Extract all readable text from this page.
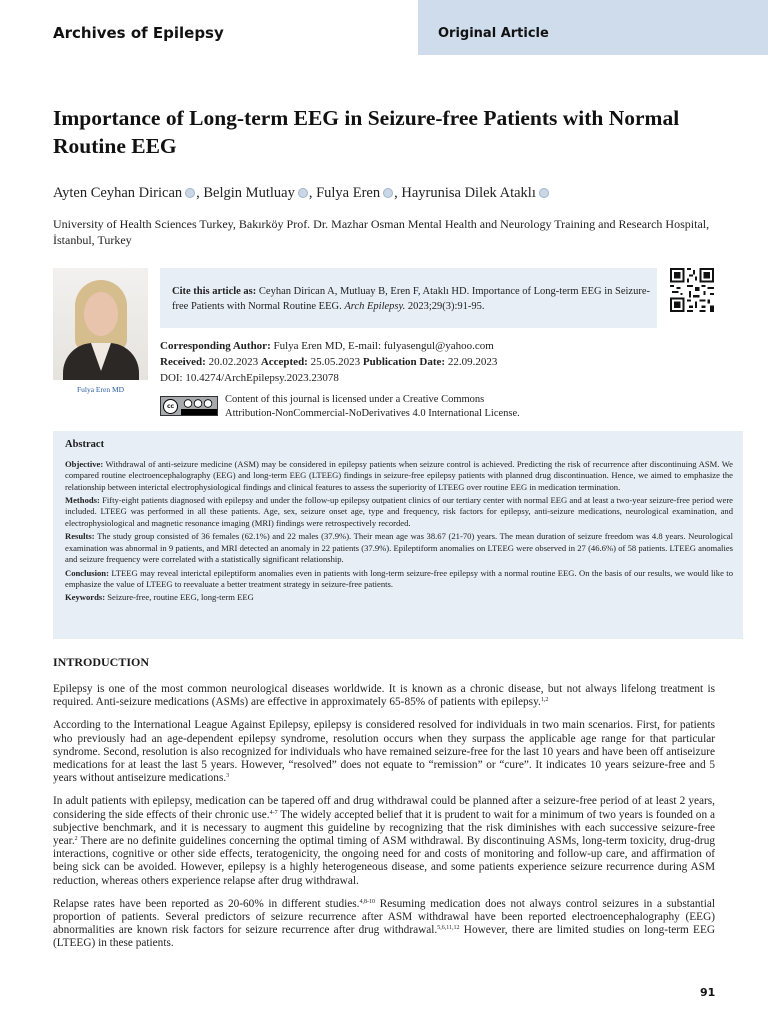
Archives of Epilepsy	Original Article
Importance of Long-term EEG in Seizure-free Patients with Normal Routine EEG
Ayten Ceyhan Dirican , Belgin Mutluay , Fulya Eren , Hayrunisa Dilek Ataklı
University of Health Sciences Turkey, Bakırköy Prof. Dr. Mazhar Osman Mental Health and Neurology Training and Research Hospital, İstanbul, Turkey
Fulya Eren MD
Cite this article as: Ceyhan Dirican A, Mutluay B, Eren F, Ataklı HD. Importance of Long-term EEG in Seizure-free Patients with Normal Routine EEG. Arch Epilepsy. 2023;29(3):91-95.
Corresponding Author: Fulya Eren MD, E-mail: fulyasengul@yahoo.com
Received: 20.02.2023 Accepted: 25.05.2023 Publication Date: 22.09.2023
DOI: 10.4274/ArchEpilepsy.2023.23078
cc
Content of this journal is licensed under a Creative Commons
Attribution-NonCommercial-NoDerivatives 4.0 International License.
Abstract

Objective: Withdrawal of anti-seizure medicine (ASM) may be considered in epilepsy patients when seizure control is achieved. Predicting the risk of recurrence after discontinuing ASM. We compared routine electroencephalography (EEG) and long-term EEG (LTEEG) findings in seizure-free epilepsy patients with planned drug discontinuation. Hence, we aimed to emphasize the relationship between interictal electrophysiological findings and clinical features to assess the superiority of LTEEG over routine EEG in medication termination.

Methods: Fifty-eight patients diagnosed with epilepsy and under the follow-up epilepsy outpatient clinics of our tertiary center with normal EEG and at least a two-year seizure-free period were included. LTEEG was performed in all these patients. Age, sex, seizure onset age, type and frequency, risk factors for epilepsy, anti-seizure medications, neurological examination, and electrophysiological and magnetic resonance imaging (MRI) findings were retrospectively recorded.

Results: The study group consisted of 36 females (62.1%) and 22 males (37.9%). Their mean age was 38.67 (21-70) years. The mean duration of seizure freedom was 4.8 years. Neurological examination was abnormal in 9 patients, and MRI detected an anomaly in 22 patients (37.9%). Epileptiform anomalies on LTEEG were observed in 27 (46.6%) of 58 patients. LTEEG anomalies and seizure frequency were correlated with a statistically significant relationship.

Conclusion: LTEEG may reveal interictal epileptiform anomalies even in patients with long-term seizure-free epilepsy with a normal routine EEG. On the basis of our results, we would like to emphasize the value of LTEEG to reevaluate a better treatment strategy in seizure-free patients.

Keywords: Seizure-free, routine EEG, long-term EEG

INTRODUCTION

Epilepsy is one of the most common neurological diseases worldwide. It is known as a chronic disease, but not always lifelong treatment is required. Anti-seizure medications (ASMs) are effective in approximately 65-85% of patients with epilepsy.$^{1,2}$

According to the International League Against Epilepsy, epilepsy is considered resolved for individuals in two main scenarios. First, for patients who previously had an age-dependent epilepsy syndrome, resolution occurs when they surpass the applicable age range for that particular syndrome. Second, resolution is also recognized for individuals who have remained seizure-free for the last 10 years and have been off antiseizure medications for at least the last 5 years. However, “resolved” does not equate to “remission” or “cure”. It indicates 10 years seizure-free and 5 years without antiseizure medications.$^3$

In adult patients with epilepsy, medication can be tapered off and drug withdrawal could be planned after a seizure-free period of at least 2 years, considering the side effects of their chronic use.$^{4-7}$ The widely accepted belief that it is prudent to wait for a minimum of two years is founded on a subjective benchmark, and it is necessary to augment this guideline by recognizing that the risk diminishes with each successive seizure-free year.$^2$ There are no definite guidelines concerning the optimal timing of ASM withdrawal. By discontinuing ASMs, long-term toxicity, drug-drug interactions, cognitive or other side effects, teratogenicity, the ongoing need for and costs of monitoring and follow-up care, and affirmation of being sick can be avoided. However, epilepsy is a highly heterogeneous disease, and some patients experience seizure recurrence during ASM reduction, whereas others experience relapse after drug withdrawal.

Relapse rates have been reported as 20-60% in different studies.$^{4,8-10}$ Resuming medication does not always control seizures in a substantial proportion of patients. Several predictors of seizure recurrence after ASM withdrawal have been reported electroencephalography (EEG) abnormalities are known risk factors for seizure recurrence after drug withdrawal.$^{5,6,11,12}$ However, there are limited studies on long-term EEG (LTEEG) in these patients.

91
